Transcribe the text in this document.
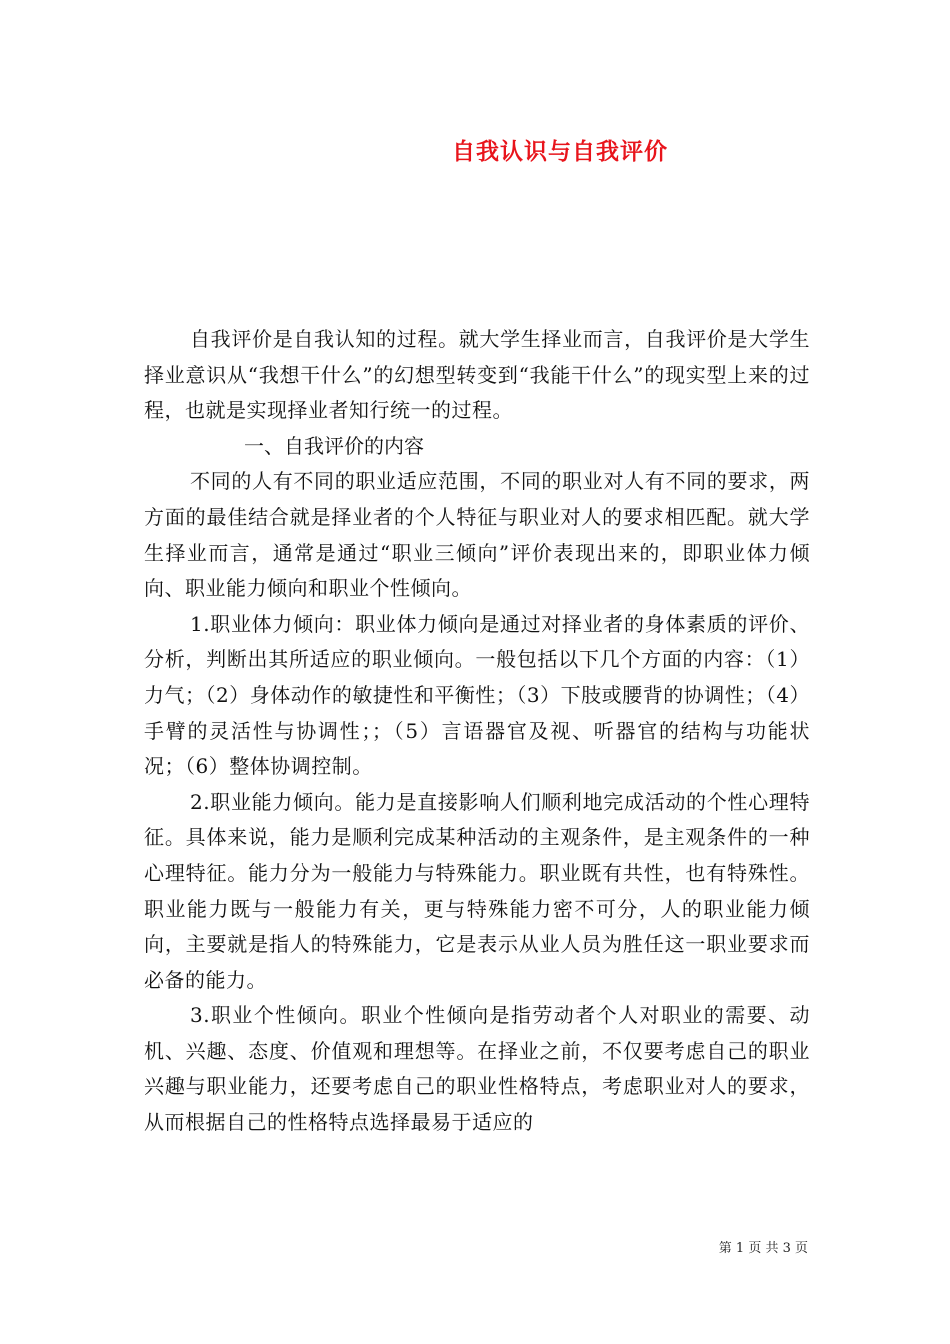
自我认识与自我评价

自我评价是自我认知的过程。就大学生择业而言，自我评价是大学生择业意识从“我想干什么”的幻想型转变到“我能干什么”的现实型上来的过程，也就是实现择业者知行统一的过程。

一、自我评价的内容

不同的人有不同的职业适应范围，不同的职业对人有不同的要求，两方面的最佳结合就是择业者的个人特征与职业对人的要求相匹配。就大学生择业而言，通常是通过“职业三倾向”评价表现出来的，即职业体力倾向、职业能力倾向和职业个性倾向。

1.职业体力倾向：职业体力倾向是通过对择业者的身体素质的评价、分析，判断出其所适应的职业倾向。一般包括以下几个方面的内容：（1）力气；（2）身体动作的敏捷性和平衡性；（3）下肢或腰背的协调性；（4）手臂的灵活性与协调性；；（5）言语器官及视、听器官的结构与功能状况；（6）整体协调控制。

2.职业能力倾向。能力是直接影响人们顺利地完成活动的个性心理特征。具体来说，能力是顺利完成某种活动的主观条件，是主观条件的一种心理特征。能力分为一般能力与特殊能力。职业既有共性，也有特殊性。职业能力既与一般能力有关，更与特殊能力密不可分，人的职业能力倾向，主要就是指人的特殊能力，它是表示从业人员为胜任这一职业要求而必备的能力。

3.职业个性倾向。职业个性倾向是指劳动者个人对职业的需要、动机、兴趣、态度、价值观和理想等。在择业之前，不仅要考虑自己的职业兴趣与职业能力，还要考虑自己的职业性格特点，考虑职业对人的要求，从而根据自己的性格特点选择最易于适应的

第 1 页 共 3 页
